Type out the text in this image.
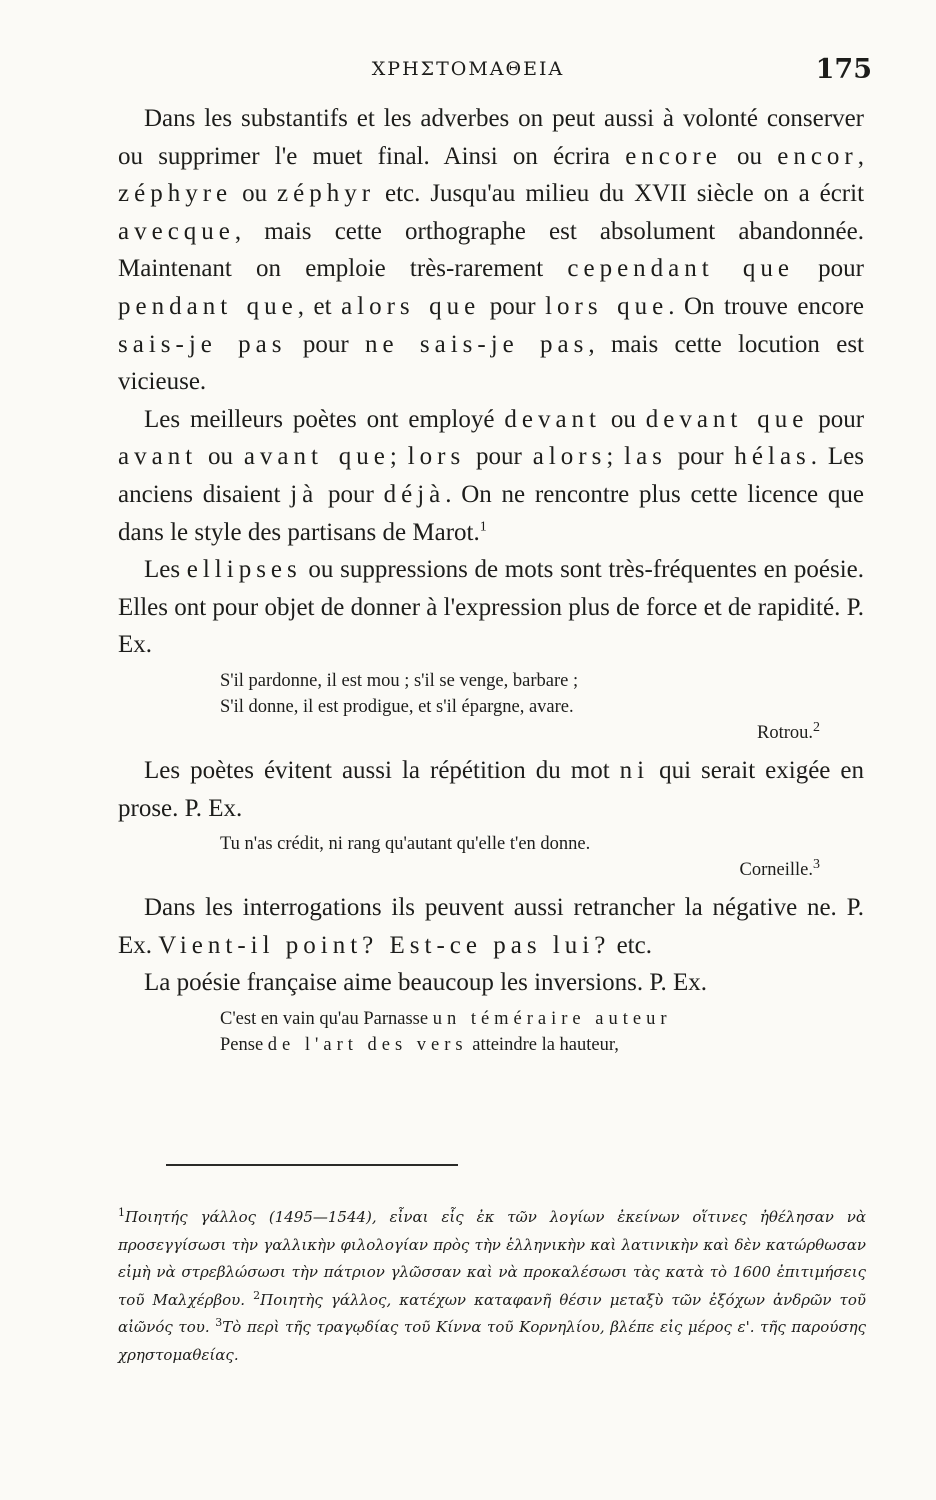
ΧΡΗΣΤΟΜΑΘΕΙΑ	175

Dans les substantifs et les adverbes on peut aussi à volonté conserver ou supprimer l'e muet final. Ainsi on écrira encore ou encor, zéphyre ou zéphyr etc. Jusqu'au milieu du XVII siècle on a écrit avecque, mais cette orthographe est absolument abandonnée. Maintenant on emploie très-rarement cependant que pour pendant que, et alors que pour lors que. On trouve encore sais-je pas pour ne sais-je pas, mais cette locution est vicieuse.

Les meilleurs poètes ont employé devant ou devant que pour avant ou avant que; lors pour alors; las pour hélas. Les anciens disaient jà pour déjà. On ne rencontre plus cette licence que dans le style des partisans de Marot.$^1$

Les ellipses ou suppressions de mots sont très-fréquentes en poésie. Elles ont pour objet de donner à l'expression plus de force et de rapidité. P. Ex.

S'il pardonne, il est mou ; s'il se venge, barbare ;
S'il donne, il est prodigue, et s'il épargne, avare.
Rotrou.$^2$

Les poètes évitent aussi la répétition du mot ni qui serait exigée en prose. P. Ex.

Tu n'as crédit, ni rang qu'autant qu'elle t'en donne.
Corneille.$^3$

Dans les interrogations ils peuvent aussi retrancher la négative ne. P. Ex. Vient-il point? Est-ce pas lui? etc.

La poésie française aime beaucoup les inversions. P. Ex.

C'est en vain qu'au Parnasse un téméraire auteur
Pense de l'art des vers atteindre la hauteur,
$^1$Ποιητής γάλλος (1495—1544), εἶναι εἷς ἐκ τῶν λογίων ἐκείνων οἵτινες ἠθέλησαν νὰ προσεγγίσωσι τὴν γαλλικὴν φιλολογίαν πρὸς τὴν ἑλληνικὴν καὶ λατινικὴν καὶ δὲν κατώρθωσαν εἰμὴ νὰ στρεβλώσωσι τὴν πάτριον γλῶσσαν καὶ νὰ προκαλέσωσι τὰς κατὰ τὸ 1600 ἐπιτιμήσεις τοῦ Μαλχέρβου. $^2$Ποιητὴς γάλλος, κατέχων καταφανῆ θέσιν μεταξὺ τῶν ἐξόχων ἀνδρῶν τοῦ αἰῶνός του. $^3$Τὸ περὶ τῆς τραγῳδίας τοῦ Κίννα τοῦ Κορνηλίου, βλέπε εἰς μέρος ε'. τῆς παρούσης χρηστομαθείας.
